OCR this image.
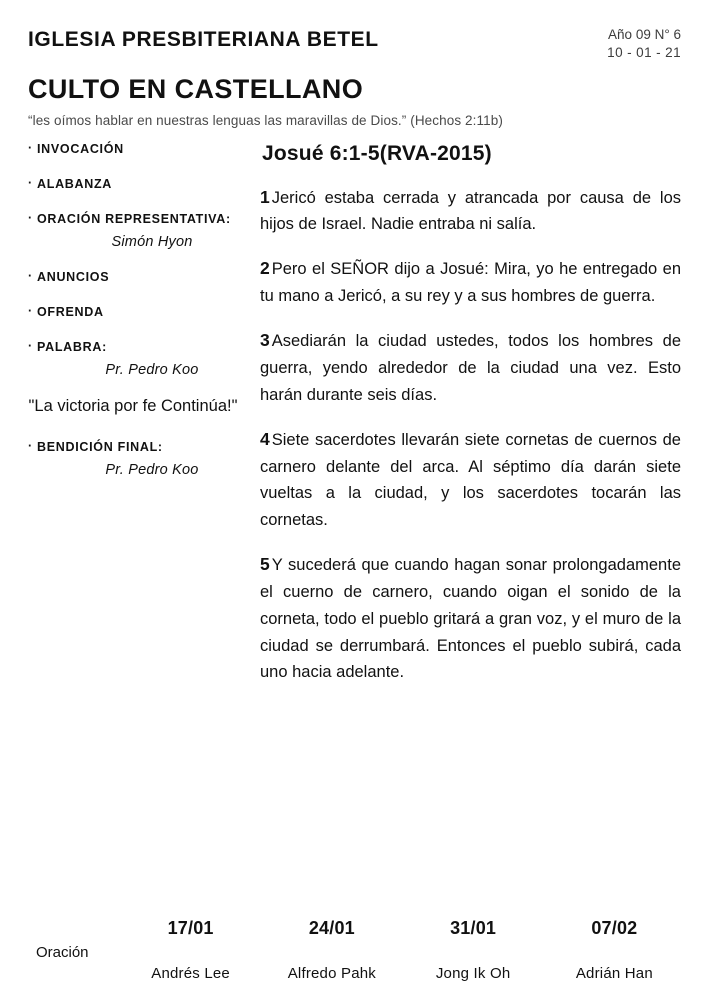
IGLESIA PRESBITERIANA BETEL	Año 09 N° 6
10 - 01 - 21
CULTO EN CASTELLANO
“les oímos hablar en nuestras lenguas las maravillas de Dios.” (Hechos 2:11b)
· INVOCACIÓN
· ALABANZA
· ORACIÓN REPRESENTATIVA:
Simón Hyon
· ANUNCIOS
· OFRENDA
· PALABRA:
Pr. Pedro Koo
"La victoria por fe Continúa!"
· BENDICIÓN FINAL:
Pr. Pedro Koo
Josué 6:1-5(RVA-2015)

1 Jericó estaba cerrada y atrancada por causa de los hijos de Israel. Nadie entraba ni salía.

2 Pero el SEÑOR dijo a Josué: Mira, yo he entregado en tu mano a Jericó, a su rey y a sus hombres de guerra.

3 Asediarán la ciudad ustedes, todos los hombres de guerra, yendo alrededor de la ciudad una vez. Esto harán durante seis días.

4 Siete sacerdotes llevarán siete cornetas de cuernos de carnero delante del arca. Al séptimo día darán siete vueltas a la ciudad, y los sacerdotes tocarán las cornetas.

5 Y sucederá que cuando hagan sonar prolongadamente el cuerno de carnero, cuando oigan el sonido de la corneta, todo el pueblo gritará a gran voz, y el muro de la ciudad se derrumbará. Entonces el pueblo subirá, cada uno hacia adelante.

Oración
17/01
Andrés Lee
24/01
Alfredo Pahk
31/01
Jong Ik Oh
07/02
Adrián Han
